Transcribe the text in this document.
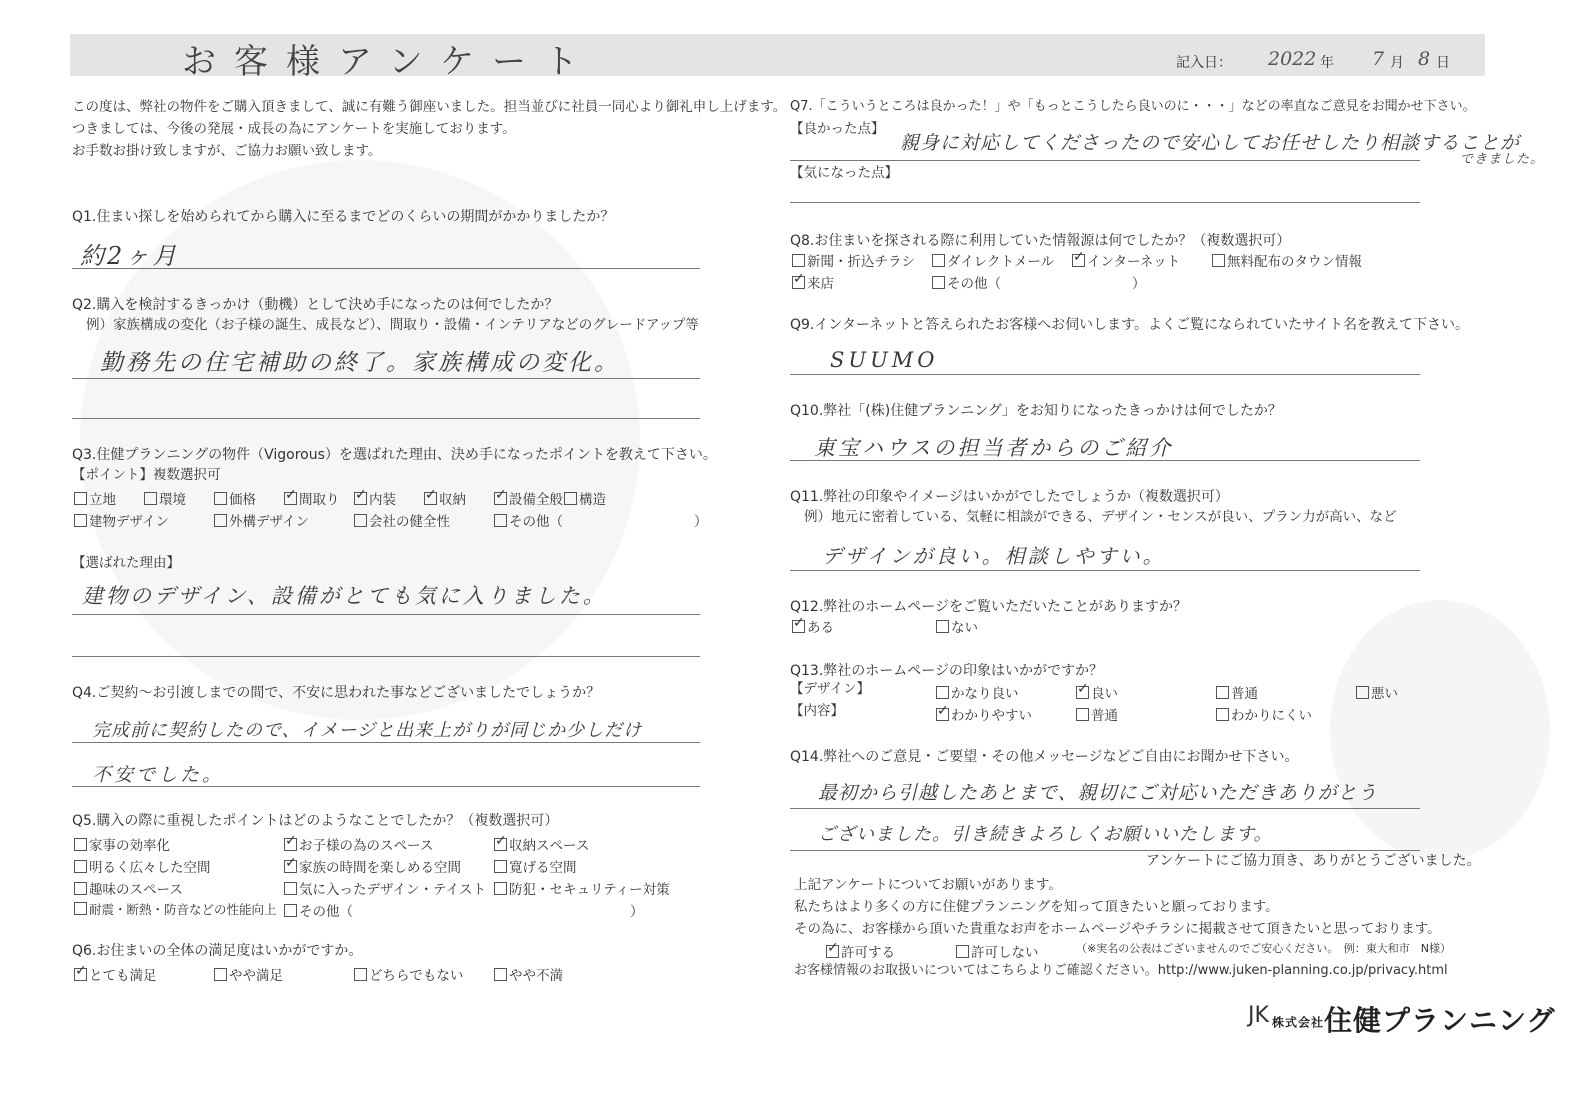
お客様アンケート	記入日： 2022 年 7 月 8 日
この度は、弊社の物件をご購入頂きまして、誠に有難う御座いました。担当並びに社員一同心より御礼申し上げます。
つきましては、今後の発展・成長の為にアンケートを実施しております。
お手数お掛け致しますが、ご協力お願い致します。
Q1.住まい探しを始められてから購入に至るまでどのくらいの期間がかかりましたか？
約2ヶ月
Q2.購入を検討するきっかけ（動機）として決め手になったのは何でしたか？
例）家族構成の変化（お子様の誕生、成長など）、間取り・設備・インテリアなどのグレードアップ等
勤務先の住宅補助の終了。家族構成の変化。
Q3.住健プランニングの物件（Vigorous）を選ばれた理由、決め手になったポイントを教えて下さい。
【ポイント】複数選択可
立地	環境	価格 ✓	間取り ✓	内装 ✓	収納 ✓	設備全般	構造
建物デザイン	外構デザイン	会社の健全性	その他（	）
【選ばれた理由】
建物のデザイン、設備がとても気に入りました。
Q4.ご契約～お引渡しまでの間で、不安に思われた事などございましたでしょうか？
完成前に契約したので、イメージと出来上がりが同じか少しだけ
不安でした。
Q5.購入の際に重視したポイントはどのようなことでしたか？（複数選択可）
家事の効率化 ✓	お子様の為のスペース ✓	収納スペース
明るく広々した空間 ✓	家族の時間を楽しめる空間	寛げる空間
趣味のスペース	気に入ったデザイン・テイスト	防犯・セキュリティー対策
耐震・断熱・防音などの性能向上	その他（	）
Q6.お住まいの全体の満足度はいかがですか。
✓とても満足	やや満足	どちらでもない	やや不満
Q7.「こういうところは良かった！」や「もっとこうしたら良いのに・・・」などの率直なご意見をお聞かせ下さい。
【良かった点】
親身に対応してくださったので安心してお任せしたり相談することが
できました。
【気になった点】
Q8.お住まいを探される際に利用していた情報源は何でしたか？（複数選択可）
新聞・折込チラシ	ダイレクトメール ✓	インターネット	無料配布のタウン情報
✓来店	その他（	）
Q9.インターネットと答えられたお客様へお伺いします。よくご覧になられていたサイト名を教えて下さい。
SUUMO
Q10.弊社「(株)住健プランニング」をお知りになったきっかけは何でしたか？
東宝ハウスの担当者からのご紹介
Q11.弊社の印象やイメージはいかがでしたでしょうか（複数選択可）
例）地元に密着している、気軽に相談ができる、デザイン・センスが良い、プラン力が高い、など
デザインが良い。相談しやすい。
Q12.弊社のホームページをご覧いただいたことがありますか？
✓ある	ない
Q13.弊社のホームページの印象はいかがですか？
【デザイン】	かなり良い ✓	良い	普通	悪い
【内容】 ✓	わかりやすい	普通	わかりにくい
Q14.弊社へのご意見・ご要望・その他メッセージなどご自由にお聞かせ下さい。
最初から引越したあとまで、親切にご対応いただきありがとう
ございました。引き続きよろしくお願いいたします。
アンケートにご協力頂き、ありがとうございました。
上記アンケートについてお願いがあります。
私たちはより多くの方に住健プランニングを知って頂きたいと願っております。
その為に、お客様から頂いた貴重なお声をホームページやチラシに掲載させて頂きたいと思っております。
✓許可する	許可しない	（※実名の公表はございませんのでご安心ください。　例：東大和市　N様）
お客様情報のお取扱いについてはこちらよりご確認ください。http://www.juken-planning.co.jp/privacy.html
JK 株式会社住健プランニング
